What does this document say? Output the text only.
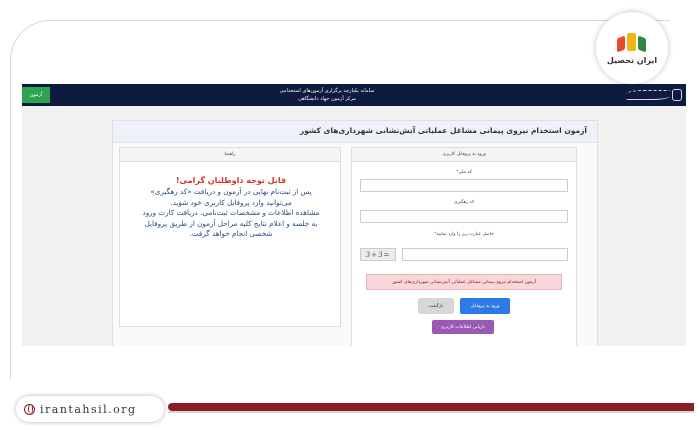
ایران تحصیل
irantahsil.org
آزمون
سامانه یکپارچه برگزاری آزمون‌های استخدامی
مرکز آزمون جهاد دانشگاهی
آزمون استخدام نیروی پیمانی مشاغل عملیاتی آتش‌نشانی شهرداری‌های کشور
ورود به پروفایل کاربری
کد ملی*
کد رهگیری
حاصل عبارت زیر را وارد نمایید*
3+3=
آزمون استخدام نیروی پیمانی مشاغل عملیاتی آتش‌نشانی شهرداری‌های کشور
بازگشت	ورود به پروفایل
بازیابی اطلاعات کاربری
راهنما
قابل توجه داوطلبان گرامی!
پس از ثبت‌نام نهایی در آزمون و دریافت «کد رهگیری»
می‌توانید وارد پروفایل کاربری خود شوید.
مشاهده اطلاعات و مشخصات ثبت‌نامی، دریافت کارت ورود
به جلسه و اعلام نتایج کلیه مراحل آزمون از طریق پروفایل
شخصی انجام خواهد گرفت.
